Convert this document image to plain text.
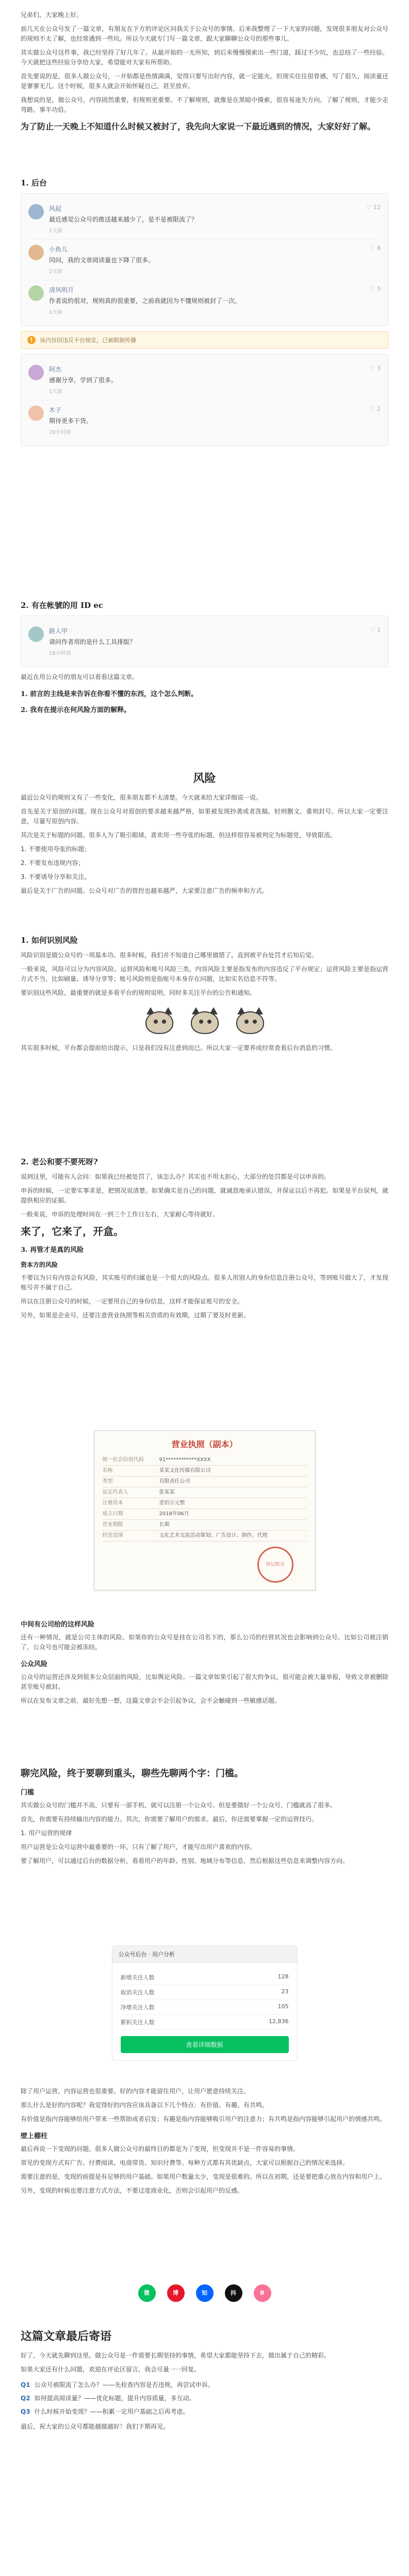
兄弟们，大家晚上好。

前几天在公众号发了一篇文章，有朋友在下方的评论区问我关于公众号的事情。后来我整理了一下大家的问题，发现很多朋友对公众号的规则不太了解，也经常遇到一些坑。所以今天就专门写一篇文章，跟大家聊聊公众号的那些事儿。

其实做公众号这件事，我已经坚持了好几年了。从最开始的一无所知，到后来慢慢摸索出一些门道，踩过不少坑，也总结了一些经验。今天就把这些经验分享给大家，希望能对大家有所帮助。

首先要说的是，很多人做公众号，一开始都是热情满满，觉得只要写出好内容，就一定能火。但现实往往很骨感，写了很久，阅读量还是寥寥无几。这个时候，很多人就会开始怀疑自己，甚至放弃。

我想说的是，做公众号，内容固然重要，但规则更重要。不了解规则，就像是在黑暗中摸索，很容易迷失方向。了解了规则，才能少走弯路，事半功倍。

为了防止一天晚上不知道什么时候又被封了，我先向大家说一下最近遇到的情况，大家好好了解。

1. 后台
风起
最近感觉公众号的推送越来越少了，是不是被限流了？
2天前
♡ 12
小鱼儿
同问，我的文章阅读量也下降了很多。
2天前
♡ 8
清风明月
作者说的很对，规则真的很重要，之前我就因为不懂规则被封了一次。
1天前
♡ 5
!	该内容因违反平台规定，已被限制传播
阿杰
感谢分享，学到了很多。
1天前
♡ 3
木子
期待更多干货。
20小时前
♡ 2
2. 有在帐號的用 ID ec
路人甲
请问作者用的是什么工具排版？
18小时前
♡ 1

最近在用公众号的朋友可以看看这篇文章。

1. 前言的主线是来告诉在你看不懂的东西，这个怎么判断。
2. 我有在提示在何风险方面的解释。
风险

最近公众号的规则又有了一些变化，很多朋友都不太清楚。今天就来给大家详细说一说。

首先是关于原创的问题。现在公众号对原创的要求越来越严格，如果被发现抄袭或者洗稿，轻则删文，重则封号。所以大家一定要注意，尽量写原创内容。

其次是关于标题的问题。很多人为了吸引眼球，喜欢用一些夸张的标题，但这样很容易被判定为标题党，导致限流。

1. 不要使用夸张的标题；

2. 不要发布违规内容；

3. 不要诱导分享和关注。

最后是关于广告的问题。公众号对广告的管控也越来越严，大家要注意广告的频率和方式。

1. 如何识别风险

风险识别是做公众号的一项基本功。很多时候，我们并不知道自己哪里做错了，直到被平台处罚才后知后觉。

一般来说，风险可以分为内容风险、运营风险和账号风险三类。内容风险主要是指发布的内容违反了平台规定；运营风险主要是指运营方式不当，比如刷量、诱导分享等；账号风险则是指账号本身存在问题，比如实名信息不符等。

要识别这些风险，最重要的就是多看平台的规则说明，同时多关注平台的公告和通知。

其实很多时候，平台都会提前给出提示，只是我们没有注意到而已。所以大家一定要养成经常查看后台消息的习惯。

2. 老公和要不要死呀?

说到这里，可能有人会问：如果我已经被处罚了，该怎么办？其实也不用太担心，大部分的处罚都是可以申诉的。

申诉的时候，一定要实事求是，把情况说清楚。如果确实是自己的问题，就诚恳地承认错误，并保证以后不再犯。如果是平台误判，就提供相应的证据。

一般来说，申诉的处理时间在一到三个工作日左右，大家耐心等待就好。

来了，它来了，开盒。

3. 再管才是真的风险
资本方的风险

不要以为只有内容会有风险，其实账号的归属也是一个很大的风险点。很多人用别人的身份信息注册公众号，等到账号做大了，才发现账号并不属于自己。

所以在注册公众号的时候，一定要用自己的身份信息，这样才能保证账号的安全。

另外，如果是企业号，还要注意营业执照等相关资质的有效期，过期了要及时更新。

营业执照（副本）
统一社会信用代码	91************XXXX
名称	某某文化传媒有限公司
类型	有限责任公司
法定代表人	张某某
注册资本	壹佰万元整
成立日期	2018年06月
营业期限	长期
经营范围	文化艺术交流活动策划；广告设计、制作、代理
登记机关
中间有公司给的这样风险

还有一种情况，就是公司主体的风险。如果你的公众号是挂在公司名下的，那么公司的经营状况也会影响到公众号。比如公司被注销了，公众号也可能会被冻结。

公众风险

公众号的运营还涉及到很多公众层面的风险，比如舆论风险。一篇文章如果引起了很大的争议，很可能会被大量举报，导致文章被删除甚至账号被封。

所以在发布文章之前，最好先想一想，这篇文章会不会引起争议，会不会触碰到一些敏感话题。

聊完风险，终于要聊到重头，聊些先聊两个字：门槛。

门槛

其实做公众号的门槛并不高，只要有一部手机，就可以注册一个公众号。但是要做好一个公众号，门槛就高了很多。

首先，你需要有持续输出内容的能力。其次，你需要了解用户的需求。最后，你还需要掌握一定的运营技巧。

1. 用户运营的规律

用户运营是公众号运营中最重要的一环。只有了解了用户，才能写出用户喜欢的内容。

要了解用户，可以通过后台的数据分析，看看用户的年龄、性别、地域分布等信息，然后根据这些信息来调整内容方向。

公众号后台 · 用户分析
新增关注人数	128
取消关注人数	23
净增关注人数	105
累积关注人数	12,836
查看详细数据

除了用户运营，内容运营也很重要。好的内容才能留住用户，让用户愿意持续关注。

那么什么是好的内容呢？我觉得好的内容应该具备以下几个特点：有价值、有趣、有共鸣。

有价值是指内容能够给用户带来一些帮助或者启发；有趣是指内容能够吸引用户的注意力；有共鸣是指内容能够引起用户的情感共鸣。

壁上棚柱

最后再说一下变现的问题。很多人做公众号的最终目的都是为了变现，但变现并不是一件容易的事情。

常见的变现方式有广告、付费阅读、电商带货、知识付费等。每种方式都有其优缺点，大家可以根据自己的情况来选择。

需要注意的是，变现的前提是有足够的用户基础。如果用户数量太少，变现是很难的。所以在初期，还是要把重心放在内容和用户上。

另外，变现的时候也要注意方式方法，不要过度商业化，否则会引起用户的反感。

微	博	知	抖	B
这篇文章最后寄语

好了，今天就先聊到这里。做公众号是一件需要长期坚持的事情，希望大家都能坚持下去，做出属于自己的精彩。

如果大家还有什么问题，欢迎在评论区留言，我会尽量一一回复。

Q1 公众号被限流了怎么办？——先检查内容是否违规，再尝试申诉。
Q2 如何提高阅读量？——优化标题，提升内容质量，多互动。
Q3 什么时候开始变现？——积累一定用户基础之后再考虑。

最后，祝大家的公众号都能越做越好！我们下期再见。
